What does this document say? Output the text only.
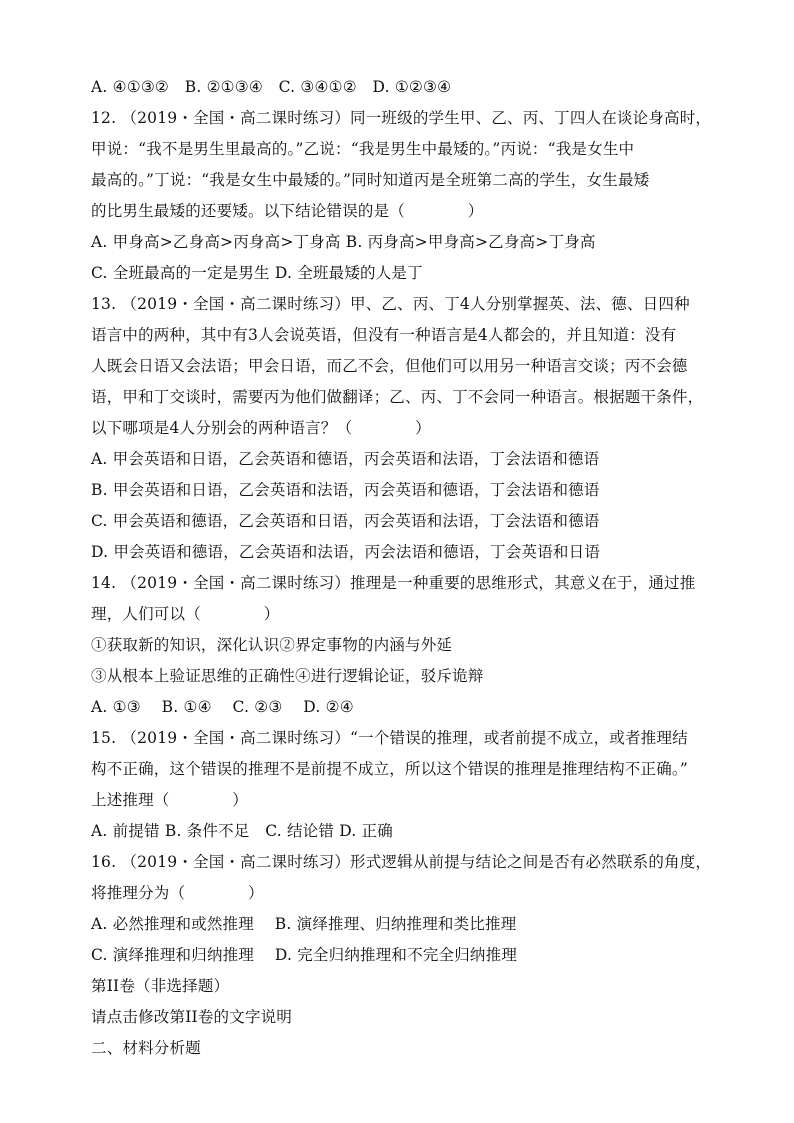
A. ④①③②　B. ②①③④　C. ③④①②　D. ①②③④
12. （2019・全国・高二课时练习）同一班级的学生甲、乙、丙、丁四人在谈论身高时，
甲说：“我不是男生里最高的。”乙说：“我是男生中最矮的。”丙说：“我是女生中
最高的。”丁说：“我是女生中最矮的。”同时知道丙是全班第二高的学生，女生最矮
的比男生最矮的还要矮。以下结论错误的是（　　　　）
A. 甲身高>乙身高>丙身高>丁身高 B. 丙身高>甲身高>乙身高>丁身高
C. 全班最高的一定是男生 D. 全班最矮的人是丁
13. （2019・全国・高二课时练习）甲、乙、丙、丁4人分别掌握英、法、德、日四种
语言中的两种，其中有3人会说英语，但没有一种语言是4人都会的，并且知道：没有
人既会日语又会法语；甲会日语，而乙不会，但他们可以用另一种语言交谈；丙不会德
语，甲和丁交谈时，需要丙为他们做翻译；乙、丙、丁不会同一种语言。根据题干条件，
以下哪项是4人分别会的两种语言？（　　　　）
A. 甲会英语和日语，乙会英语和德语，丙会英语和法语，丁会法语和德语
B. 甲会英语和日语，乙会英语和法语，丙会英语和德语，丁会法语和德语
C. 甲会英语和德语，乙会英语和日语，丙会英语和法语，丁会法语和德语
D. 甲会英语和德语，乙会英语和法语，丙会法语和德语，丁会英语和日语
14. （2019・全国・高二课时练习）推理是一种重要的思维形式，其意义在于，通过推
理，人们可以（　　　　）
①获取新的知识，深化认识②界定事物的内涵与外延
③从根本上验证思维的正确性④进行逻辑论证，驳斥诡辩
A. ①③　 B. ①④　 C. ②③　 D. ②④
15. （2019・全国・高二课时练习）“一个错误的推理，或者前提不成立，或者推理结
构不正确，这个错误的推理不是前提不成立，所以这个错误的推理是推理结构不正确。”
上述推理（　　　　）
A. 前提错 B. 条件不足　C. 结论错 D. 正确
16. （2019・全国・高二课时练习）形式逻辑从前提与结论之间是否有必然联系的角度，
将推理分为（　　　　）
A. 必然推理和或然推理　 B. 演绎推理、归纳推理和类比推理
C. 演绎推理和归纳推理　 D. 完全归纳推理和不完全归纳推理
第II卷（非选择题）
请点击修改第II卷的文字说明
二、材料分析题
